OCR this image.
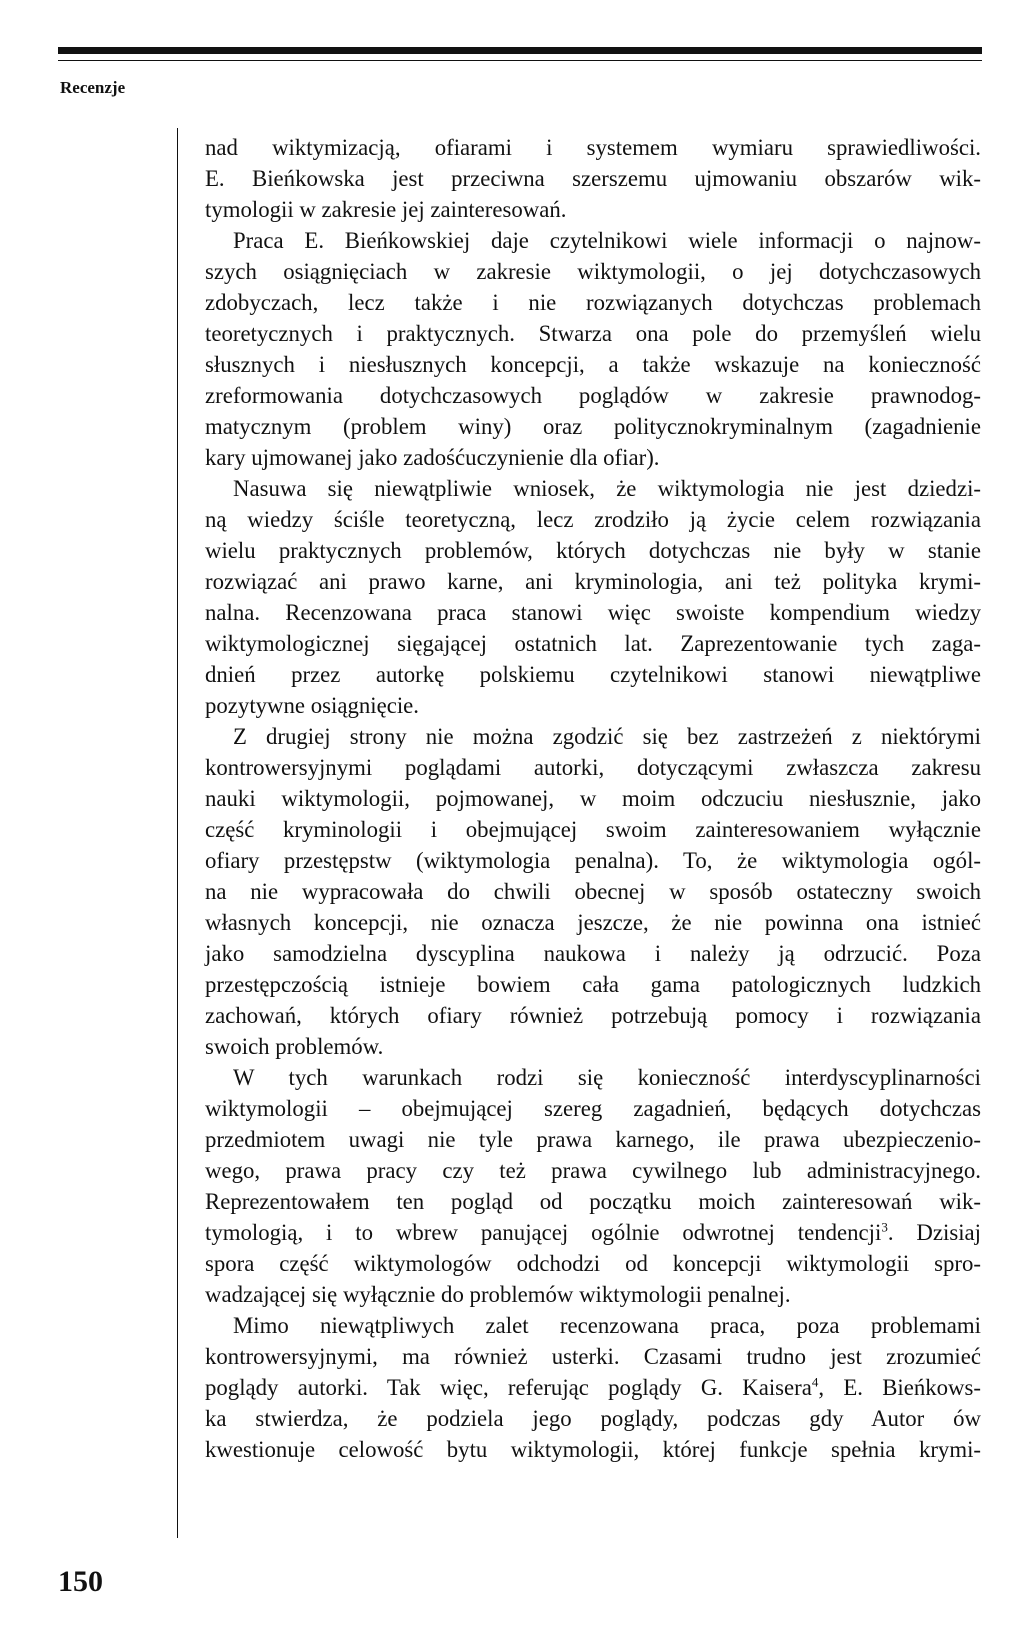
Recenzje
nad wiktymizacją, ofiarami i systemem wymiaru sprawiedliwości.
E. Bieńkowska jest przeciwna szerszemu ujmowaniu obszarów wik-
tymologii w zakresie jej zainteresowań.
Praca E. Bieńkowskiej daje czytelnikowi wiele informacji o najnow-
szych osiągnięciach w zakresie wiktymologii, o jej dotychczasowych
zdobyczach, lecz także i nie rozwiązanych dotychczas problemach
teoretycznych i praktycznych. Stwarza ona pole do przemyśleń wielu
słusznych i niesłusznych koncepcji, a także wskazuje na konieczność
zreformowania dotychczasowych poglądów w zakresie prawnodog-
matycznym (problem winy) oraz politycznokryminalnym (zagadnienie
kary ujmowanej jako zadośćuczynienie dla ofiar).
Nasuwa się niewątpliwie wniosek, że wiktymologia nie jest dziedzi-
ną wiedzy ściśle teoretyczną, lecz zrodziło ją życie celem rozwiązania
wielu praktycznych problemów, których dotychczas nie były w stanie
rozwiązać ani prawo karne, ani kryminologia, ani też polityka krymi-
nalna. Recenzowana praca stanowi więc swoiste kompendium wiedzy
wiktymologicznej sięgającej ostatnich lat. Zaprezentowanie tych zaga-
dnień przez autorkę polskiemu czytelnikowi stanowi niewątpliwe
pozytywne osiągnięcie.
Z drugiej strony nie można zgodzić się bez zastrzeżeń z niektórymi
kontrowersyjnymi poglądami autorki, dotyczącymi zwłaszcza zakresu
nauki wiktymologii, pojmowanej, w moim odczuciu niesłusznie, jako
część kryminologii i obejmującej swoim zainteresowaniem wyłącznie
ofiary przestępstw (wiktymologia penalna). To, że wiktymologia ogól-
na nie wypracowała do chwili obecnej w sposób ostateczny swoich
własnych koncepcji, nie oznacza jeszcze, że nie powinna ona istnieć
jako samodzielna dyscyplina naukowa i należy ją odrzucić. Poza
przestępczością istnieje bowiem cała gama patologicznych ludzkich
zachowań, których ofiary również potrzebują pomocy i rozwiązania
swoich problemów.
W tych warunkach rodzi się konieczność interdyscyplinarności
wiktymologii – obejmującej szereg zagadnień, będących dotychczas
przedmiotem uwagi nie tyle prawa karnego, ile prawa ubezpieczenio-
wego, prawa pracy czy też prawa cywilnego lub administracyjnego.
Reprezentowałem ten pogląd od początku moich zainteresowań wik-
tymologią, i to wbrew panującej ogólnie odwrotnej tendencji$^3$. Dzisiaj
spora część wiktymologów odchodzi od koncepcji wiktymologii spro-
wadzającej się wyłącznie do problemów wiktymologii penalnej.
Mimo niewątpliwych zalet recenzowana praca, poza problemami
kontrowersyjnymi, ma również usterki. Czasami trudno jest zrozumieć
poglądy autorki. Tak więc, referując poglądy G. Kaisera$^4$, E. Bieńkows-
ka stwierdza, że podziela jego poglądy, podczas gdy Autor ów
kwestionuje celowość bytu wiktymologii, której funkcje spełnia krymi-
150
